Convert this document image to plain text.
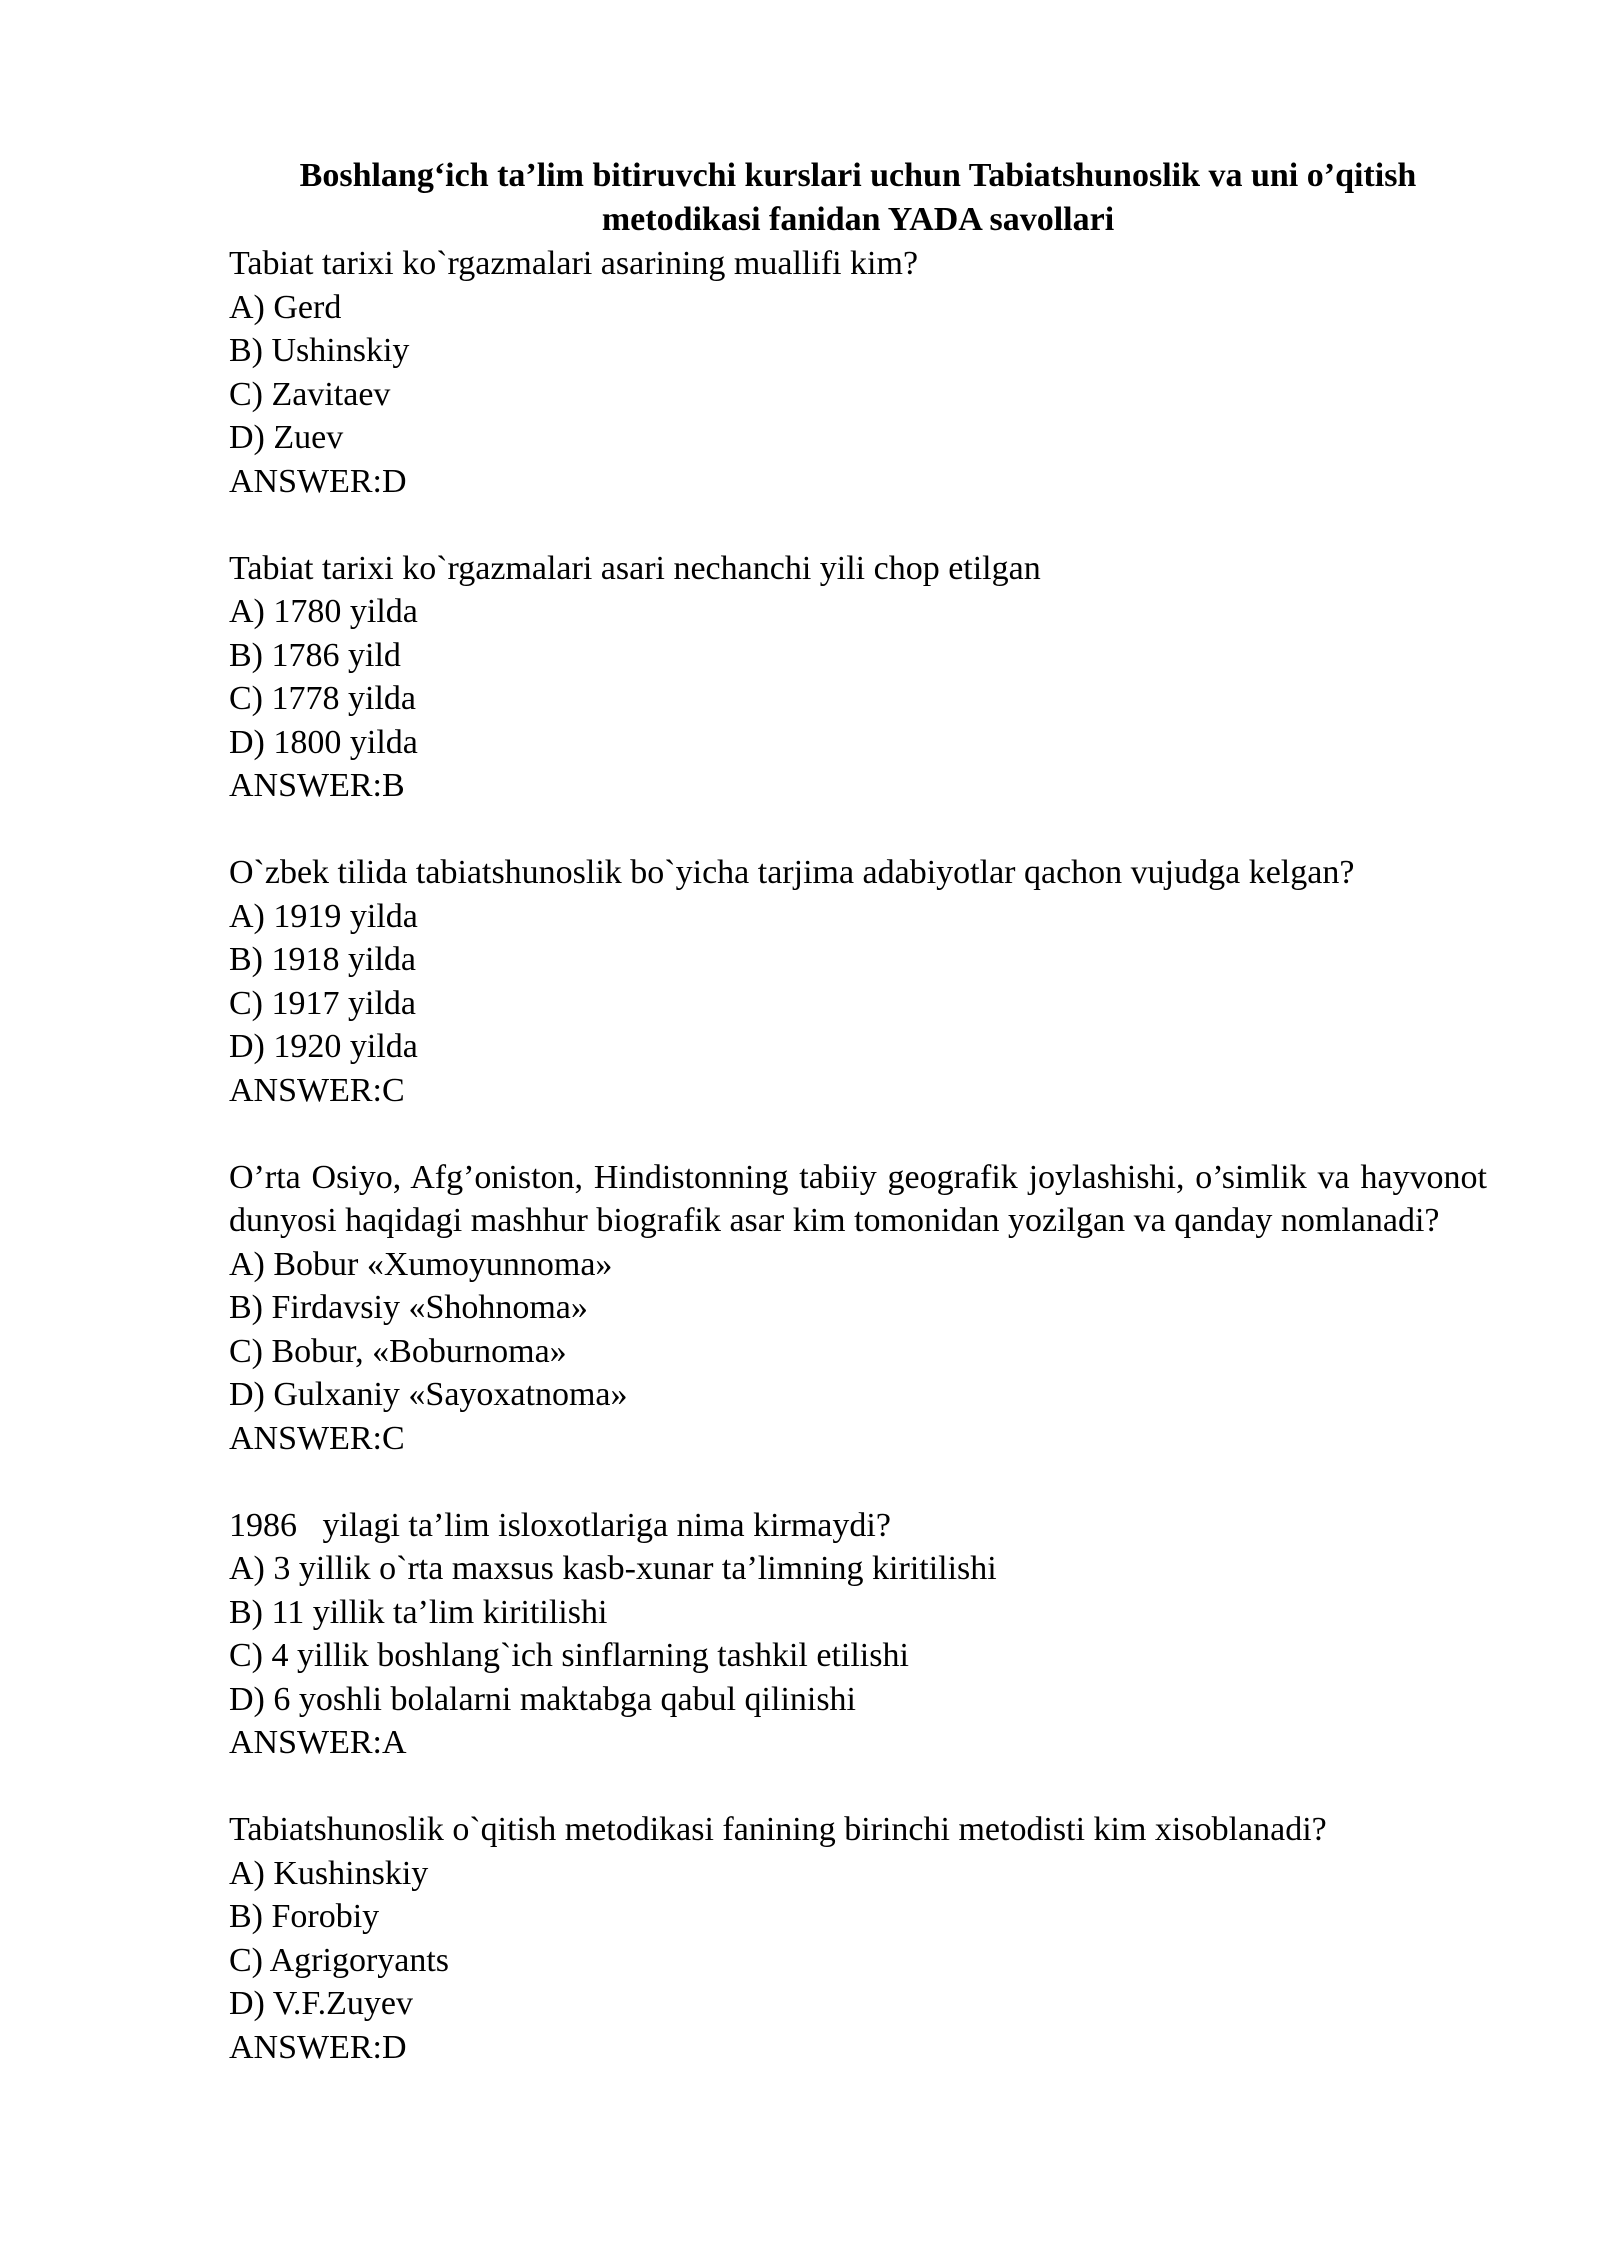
Boshlang‘ich ta’lim bitiruvchi kurslari uchun Tabiatshunoslik va uni o’qitish metodikasi fanidan YADA savollari

Tabiat tarixi ko`rgazmalari asarining muallifi kim?

A) Gerd

B) Ushinskiy

C) Zavitaev

D) Zuev

ANSWER:D

Tabiat tarixi ko`rgazmalari asari nechanchi yili chop etilgan

A) 1780 yilda

B) 1786 yild

C) 1778 yilda

D) 1800 yilda

ANSWER:B

O`zbek tilida tabiatshunoslik bo`yicha tarjima adabiyotlar qachon vujudga kelgan?

A) 1919 yilda

B) 1918 yilda

C) 1917 yilda

D) 1920 yilda

ANSWER:C

O’rta Osiyo, Afg’oniston, Hindistonning tabiiy geografik joylashishi, o’simlik va hayvonot dunyosi haqidagi mashhur biografik asar kim tomonidan yozilgan va qanday nomlanadi?

A) Bobur «Xumoyunnoma»

B) Firdavsiy «Shohnoma»

C) Bobur, «Boburnoma»

D) Gulxaniy «Sayoxatnoma»

ANSWER:C

1986   yilagi ta’lim isloxotlariga nima kirmaydi?

A) 3 yillik o`rta maxsus kasb-xunar ta’limning kiritilishi

B) 11 yillik ta’lim kiritilishi

C) 4 yillik boshlang`ich sinflarning tashkil etilishi

D) 6 yoshli bolalarni maktabga qabul qilinishi

ANSWER:A

Tabiatshunoslik o`qitish metodikasi fanining birinchi metodisti kim xisoblanadi?

A) Kushinskiy

B) Forobiy

C) Agrigoryants

D) V.F.Zuyev

ANSWER:D
